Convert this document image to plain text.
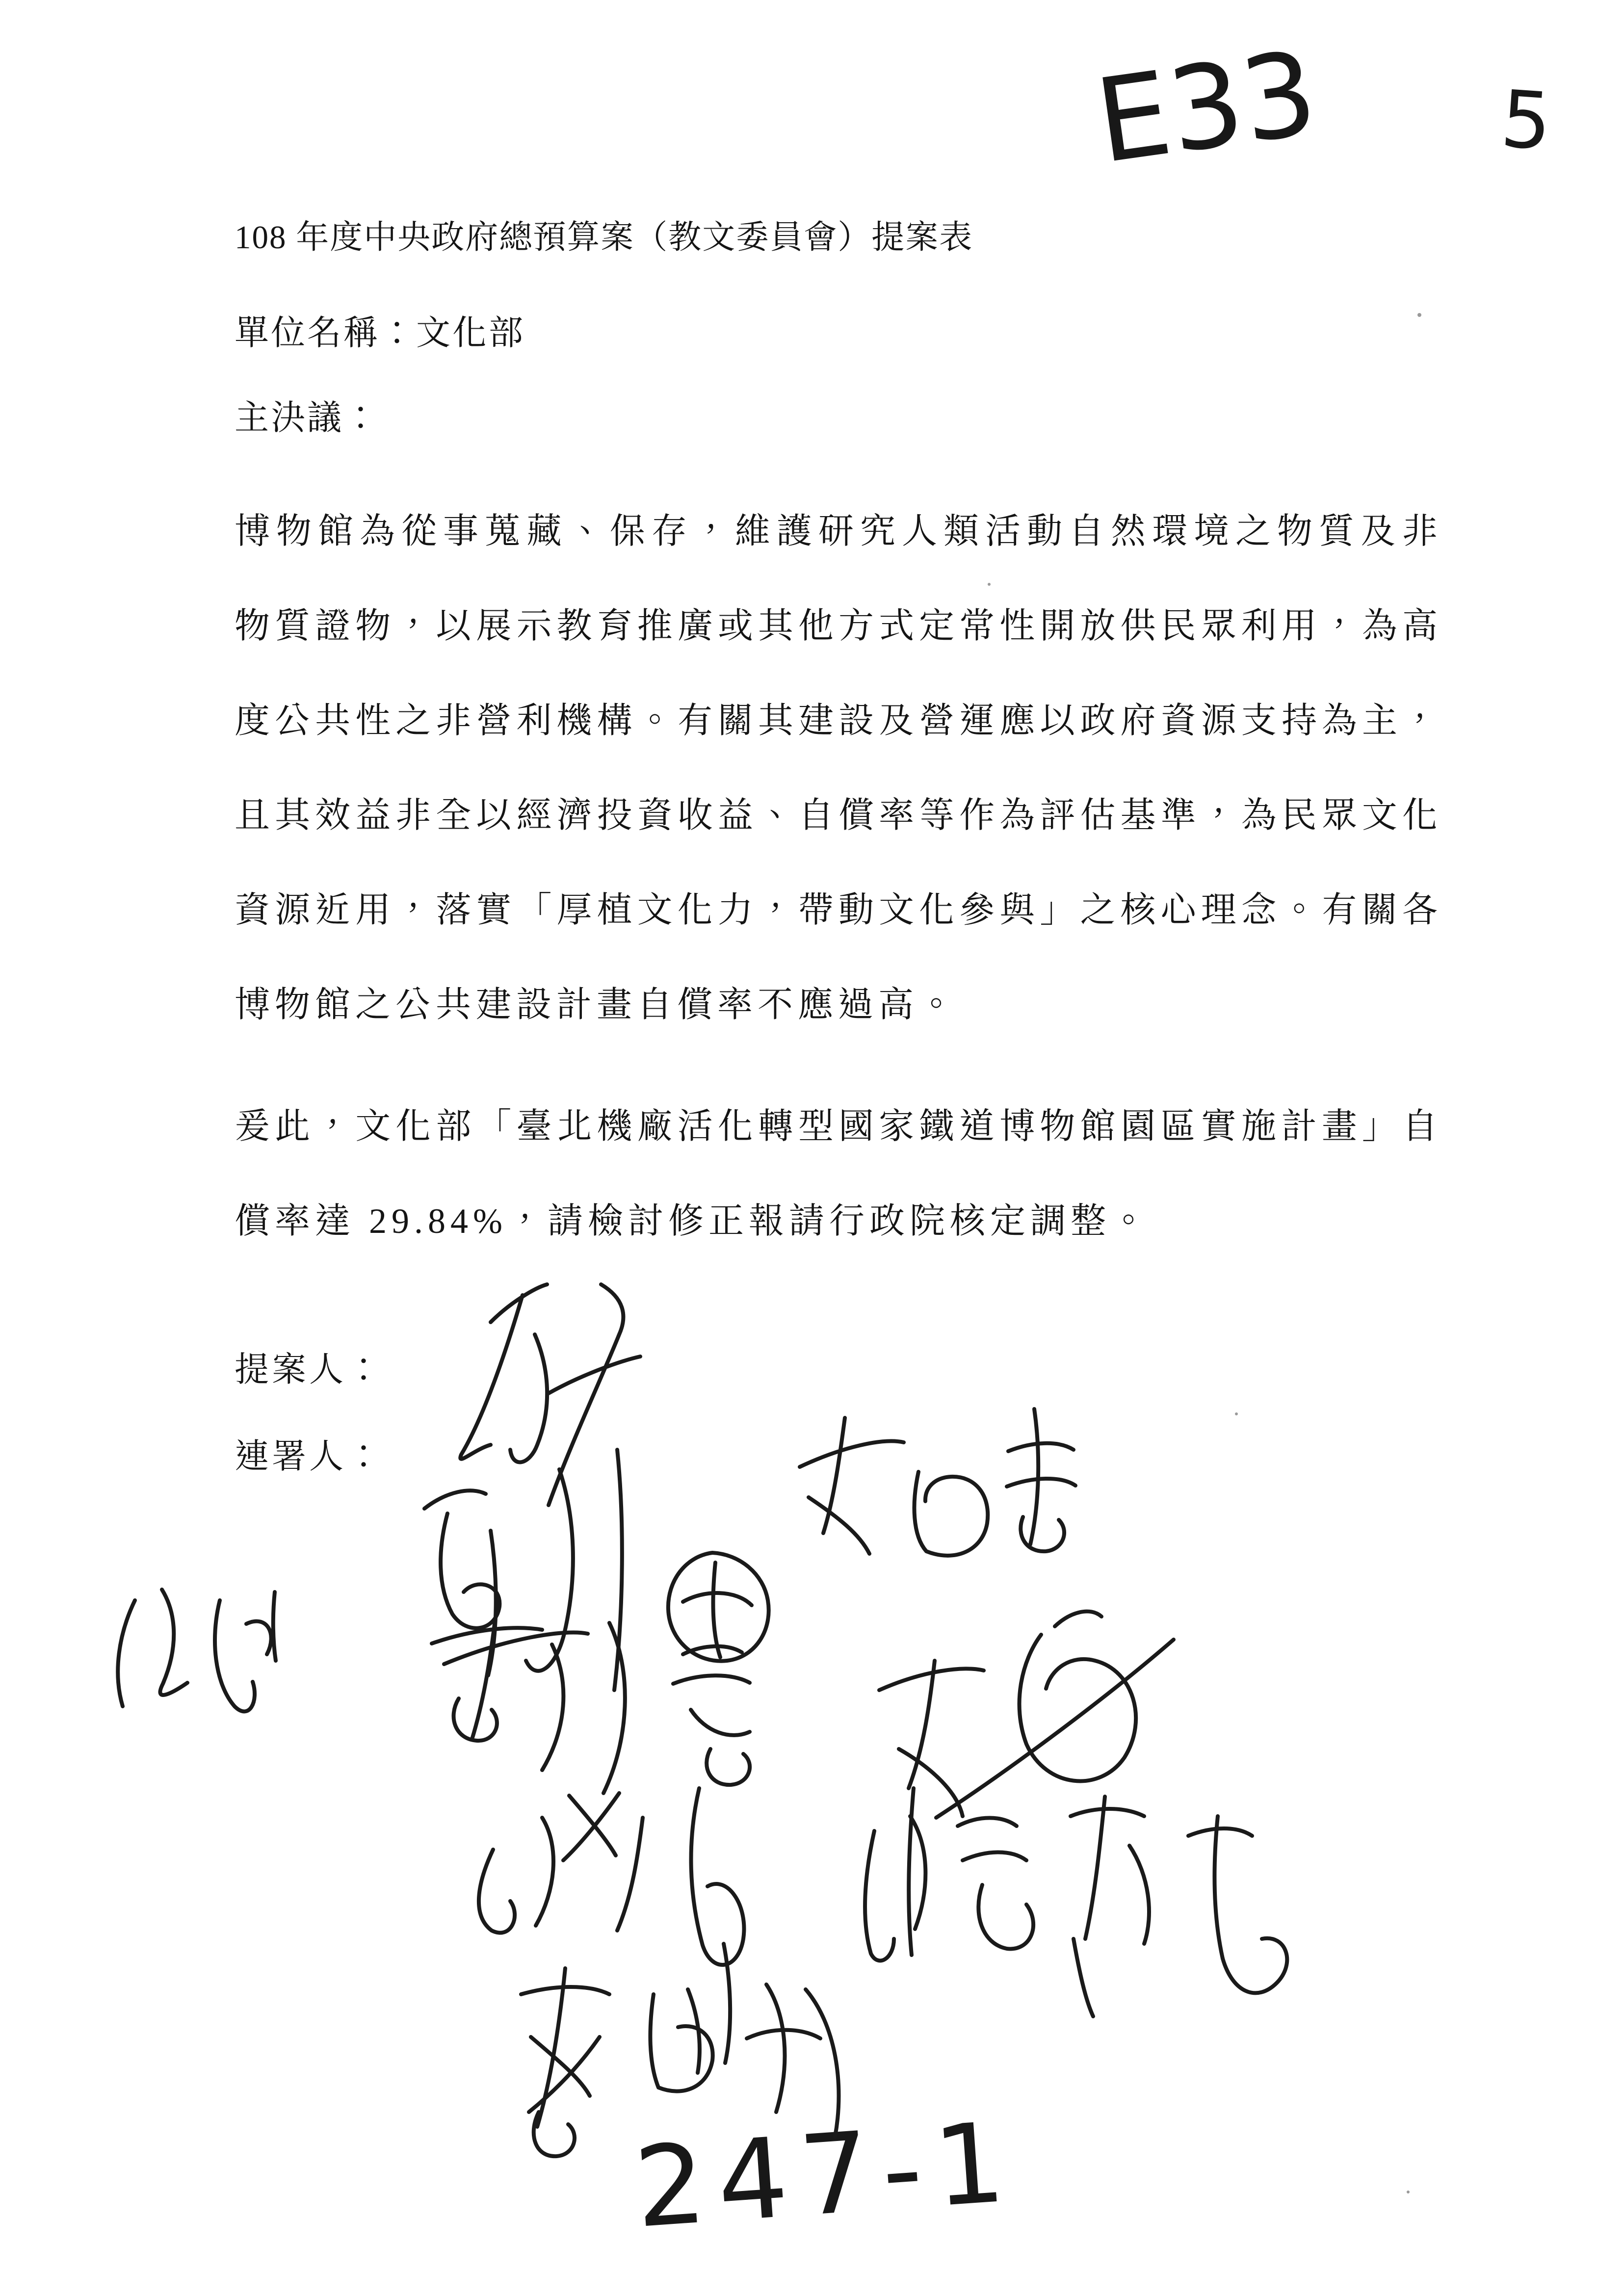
108 年度中央政府總預算案（教文委員會）提案表
單位名稱：文化部
主決議：
博物館為從事蒐藏、保存，維護研究人類活動自然環境之物質及非
物質證物，以展示教育推廣或其他方式定常性開放供民眾利用，為高
度公共性之非營利機構。有關其建設及營運應以政府資源支持為主，
且其效益非全以經濟投資收益、自償率等作為評估基準，為民眾文化
資源近用，落實「厚植文化力，帶動文化參與」之核心理念。有關各
博物館之公共建設計畫自償率不應過高。
爰此，文化部「臺北機廠活化轉型國家鐵道博物館園區實施計畫」自
償率達 29.84%，請檢討修正報請行政院核定調整。
提案人：
連署人：
E33 5
247-1
